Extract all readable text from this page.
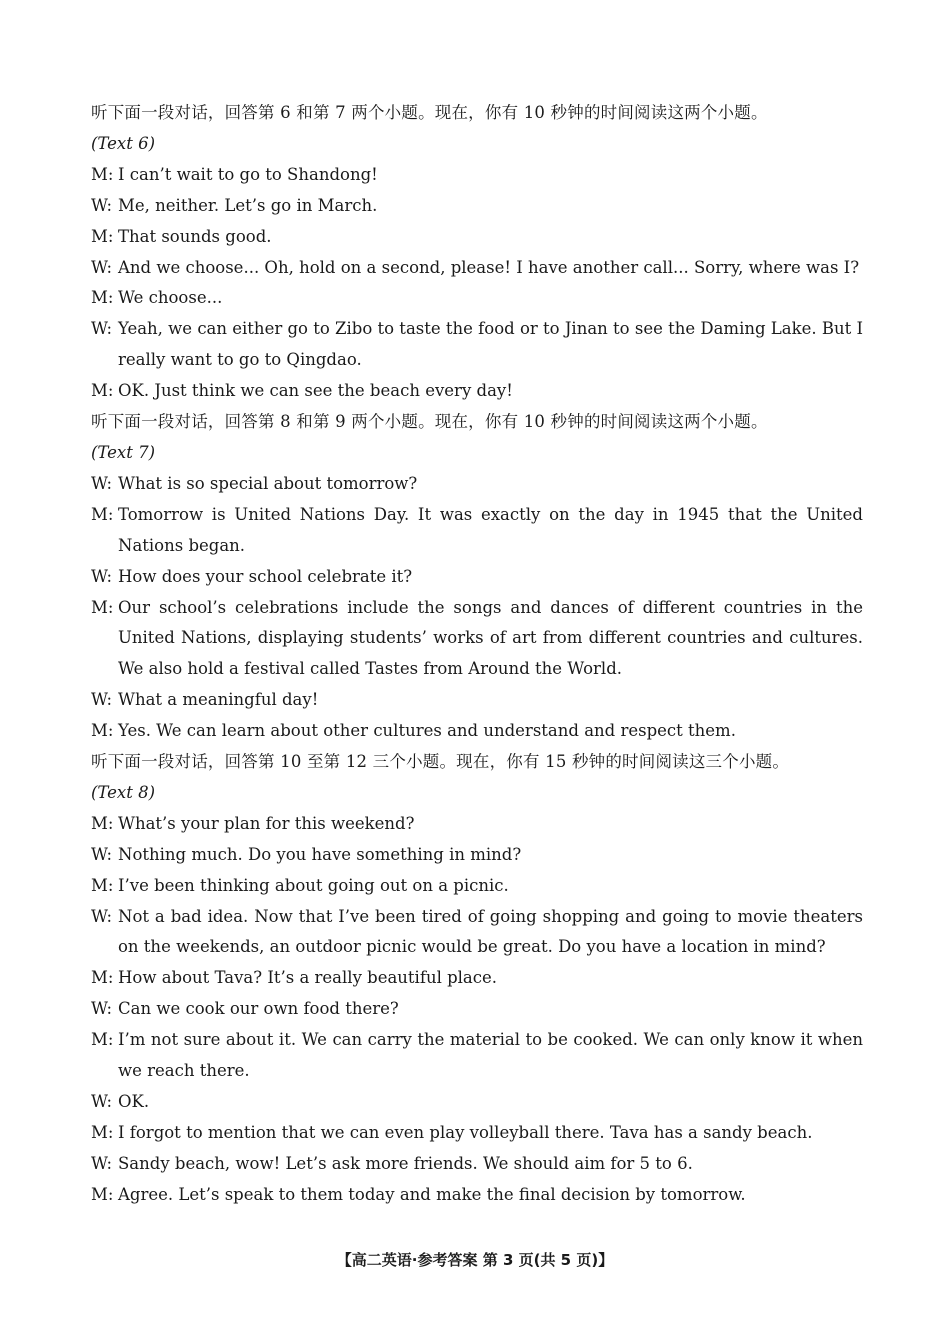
听下面一段对话，回答第 6 和第 7 两个小题。现在，你有 10 秒钟的时间阅读这两个小题。

(Text 6)

M: I can’t wait to go to Shandong!
W: Me, neither. Let’s go in March.
M: That sounds good.
W: And we choose... Oh, hold on a second, please! I have another call... Sorry, where was I?
M: We choose...
W: Yeah, we can either go to Zibo to taste the food or to Jinan to see the Daming Lake. But I really want to go to Qingdao.
M: OK. Just think we can see the beach every day!

听下面一段对话，回答第 8 和第 9 两个小题。现在，你有 10 秒钟的时间阅读这两个小题。

(Text 7)

W: What is so special about tomorrow?
M: Tomorrow is United Nations Day. It was exactly on the day in 1945 that the United Nations began.
W: How does your school celebrate it?
M: Our school’s celebrations include the songs and dances of different countries in the United Nations, displaying students’ works of art from different countries and cultures. We also hold a festival called Tastes from Around the World.
W: What a meaningful day!
M: Yes. We can learn about other cultures and understand and respect them.

听下面一段对话，回答第 10 至第 12 三个小题。现在，你有 15 秒钟的时间阅读这三个小题。

(Text 8)

M: What’s your plan for this weekend?
W: Nothing much. Do you have something in mind?
M: I’ve been thinking about going out on a picnic.
W: Not a bad idea. Now that I’ve been tired of going shopping and going to movie theaters on the weekends, an outdoor picnic would be great. Do you have a location in mind?
M: How about Tava? It’s a really beautiful place.
W: Can we cook our own food there?
M: I’m not sure about it. We can carry the material to be cooked. We can only know it when we reach there.
W: OK.
M: I forgot to mention that we can even play volleyball there. Tava has a sandy beach.
W: Sandy beach, wow! Let’s ask more friends. We should aim for 5 to 6.
M: Agree. Let’s speak to them today and make the final decision by tomorrow.
【高二英语·参考答案 第 3 页(共 5 页)】
